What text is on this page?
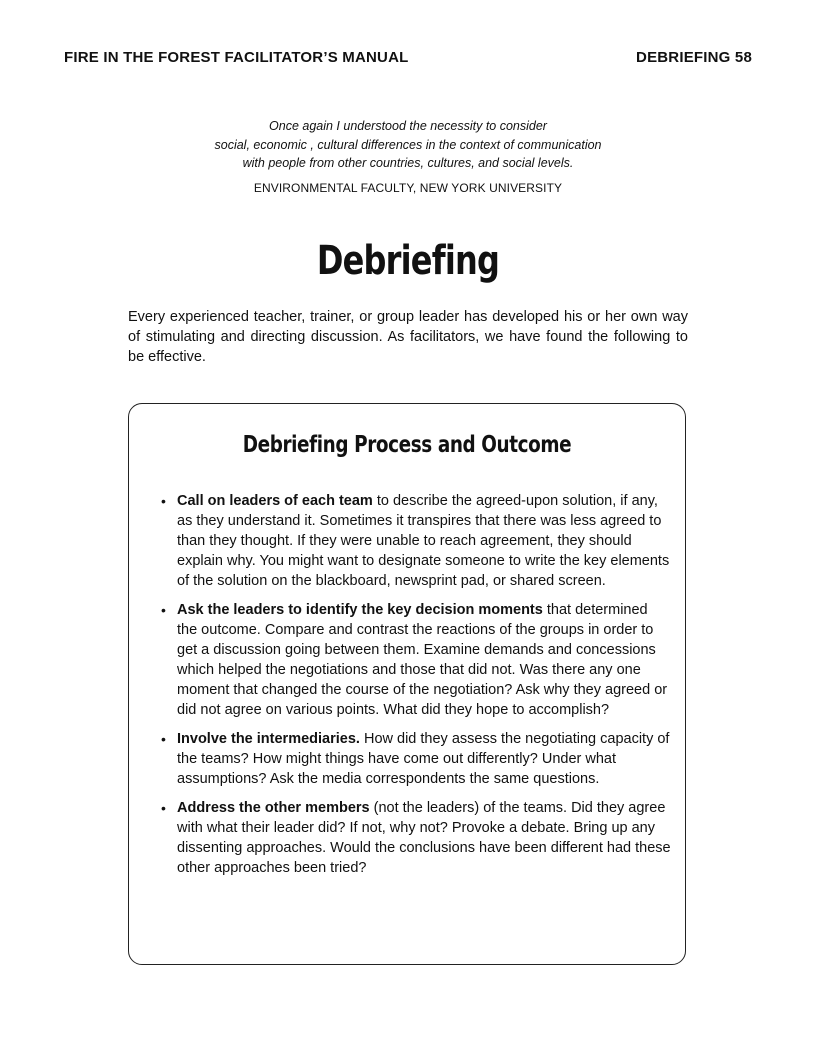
FIRE IN THE FOREST FACILITATOR’S MANUAL	DEBRIEFING 58
Once again I understood the necessity to consider
social, economic , cultural differences in the context of communication
with people from other countries, cultures, and social levels.
ENVIRONMENTAL FACULTY, NEW YORK UNIVERSITY
Debriefing

Every experienced teacher, trainer, or group leader has developed his or her own way of stimulating and directing discussion. As facilitators, we have found the following to be effective.

Debriefing Process and Outcome
• Call on leaders of each team to describe the agreed-upon solution, if any, as they understand it. Sometimes it transpires that there was less agreed to than they thought. If they were unable to reach agreement, they should explain why. You might want to designate someone to write the key elements of the solution on the blackboard, newsprint pad, or shared screen.
• Ask the leaders to identify the key decision moments that determined the outcome. Compare and contrast the reactions of the groups in order to get a discussion going between them. Examine demands and concessions which helped the negotiations and those that did not. Was there any one moment that changed the course of the negotiation? Ask why they agreed or did not agree on various points. What did they hope to accomplish?
• Involve the intermediaries. How did they assess the negotiating capacity of the teams? How might things have come out differently? Under what assumptions? Ask the media correspondents the same questions.
• Address the other members (not the leaders) of the teams. Did they agree with what their leader did? If not, why not? Provoke a debate. Bring up any dissenting approaches. Would the conclusions have been different had these other approaches been tried?
